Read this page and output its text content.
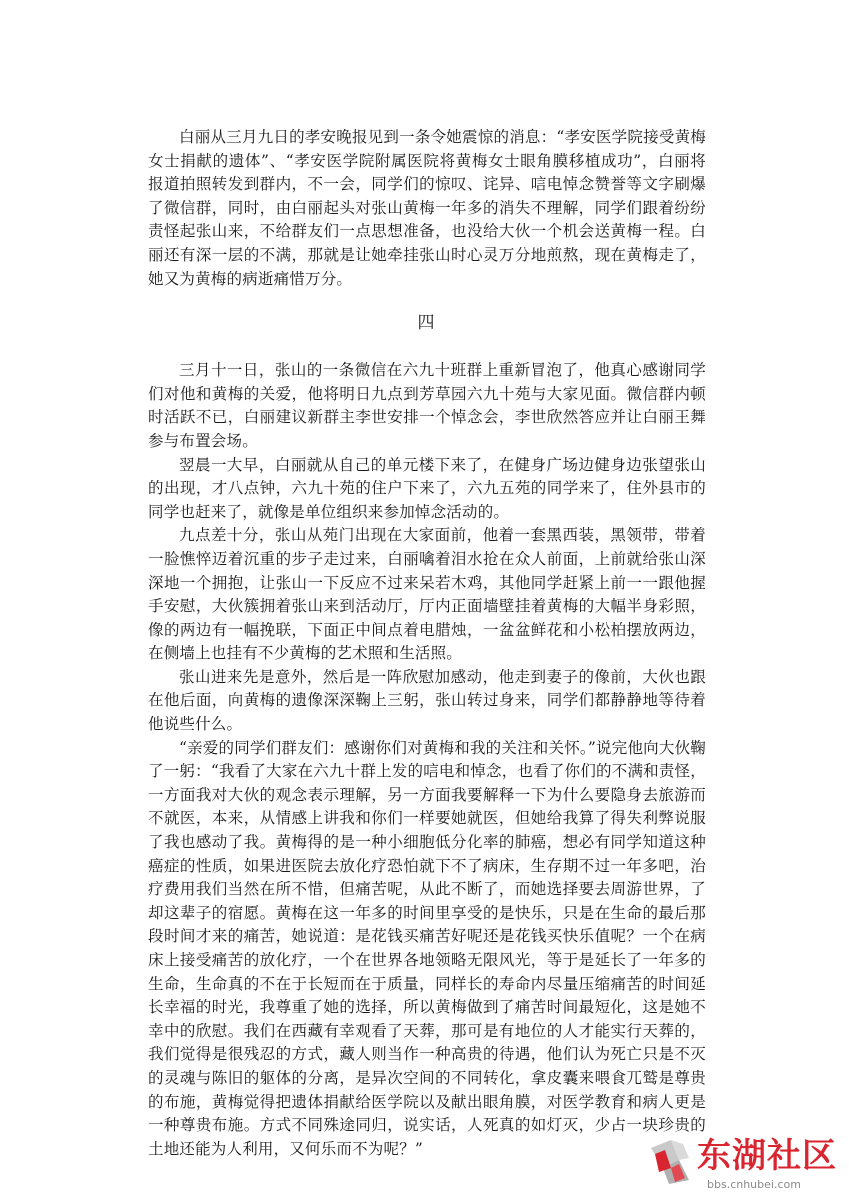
白丽从三月九日的孝安晚报见到一条令她震惊的消息：“孝安医学院接受黄梅女士捐献的遗体”、“孝安医学院附属医院将黄梅女士眼角膜移植成功”，白丽将报道拍照转发到群内，不一会，同学们的惊叹、诧异、唁电悼念赞誉等文字刷爆了微信群，同时，由白丽起头对张山黄梅一年多的消失不理解，同学们跟着纷纷责怪起张山来，不给群友们一点思想准备，也没给大伙一个机会送黄梅一程。白丽还有深一层的不满，那就是让她牵挂张山时心灵万分地煎熬，现在黄梅走了，她又为黄梅的病逝痛惜万分。

四

三月十一日，张山的一条微信在六九十班群上重新冒泡了，他真心感谢同学们对他和黄梅的关爱，他将明日九点到芳草园六九十苑与大家见面。微信群内顿时活跃不已，白丽建议新群主李世安排一个悼念会，李世欣然答应并让白丽王舞参与布置会场。

翌晨一大早，白丽就从自己的单元楼下来了，在健身广场边健身边张望张山的出现，才八点钟，六九十苑的住户下来了，六九五苑的同学来了，住外县市的同学也赶来了，就像是单位组织来参加悼念活动的。

九点差十分，张山从苑门出现在大家面前，他着一套黑西装，黑领带，带着一脸憔悴迈着沉重的步子走过来，白丽噙着泪水抢在众人前面，上前就给张山深深地一个拥抱，让张山一下反应不过来呆若木鸡，其他同学赶紧上前一一跟他握手安慰，大伙簇拥着张山来到活动厅，厅内正面墙壁挂着黄梅的大幅半身彩照，像的两边有一幅挽联，下面正中间点着电腊烛，一盆盆鲜花和小松柏摆放两边，在侧墙上也挂有不少黄梅的艺术照和生活照。

张山进来先是意外，然后是一阵欣慰加感动，他走到妻子的像前，大伙也跟在他后面，向黄梅的遗像深深鞠上三躬，张山转过身来，同学们都静静地等待着他说些什么。

“亲爱的同学们群友们：感谢你们对黄梅和我的关注和关怀。”说完他向大伙鞠了一躬：“我看了大家在六九十群上发的唁电和悼念，也看了你们的不满和责怪，一方面我对大伙的观念表示理解，另一方面我要解释一下为什么要隐身去旅游而不就医，本来，从情感上讲我和你们一样要她就医，但她给我算了得失利弊说服了我也感动了我。黄梅得的是一种小细胞低分化率的肺癌，想必有同学知道这种癌症的性质，如果进医院去放化疗恐怕就下不了病床，生存期不过一年多吧，治疗费用我们当然在所不惜，但痛苦呢，从此不断了，而她选择要去周游世界，了却这辈子的宿愿。黄梅在这一年多的时间里享受的是快乐，只是在生命的最后那段时间才来的痛苦，她说道：是花钱买痛苦好呢还是花钱买快乐值呢？一个在病床上接受痛苦的放化疗，一个在世界各地领略无限风光，等于是延长了一年多的生命，生命真的不在于长短而在于质量，同样长的寿命内尽量压缩痛苦的时间延长幸福的时光，我尊重了她的选择，所以黄梅做到了痛苦时间最短化，这是她不幸中的欣慰。我们在西藏有幸观看了天葬，那可是有地位的人才能实行天葬的，我们觉得是很残忍的方式，藏人则当作一种高贵的待遇，他们认为死亡只是不灭的灵魂与陈旧的躯体的分离，是异次空间的不同转化，拿皮囊来喂食兀鹫是尊贵的布施，黄梅觉得把遗体捐献给医学院以及献出眼角膜，对医学教育和病人更是一种尊贵布施。方式不同殊途同归，说实话，人死真的如灯灭，少占一块珍贵的土地还能为人利用，又何乐而不为呢？”	东湖社区
bbs.cnhubei.com
